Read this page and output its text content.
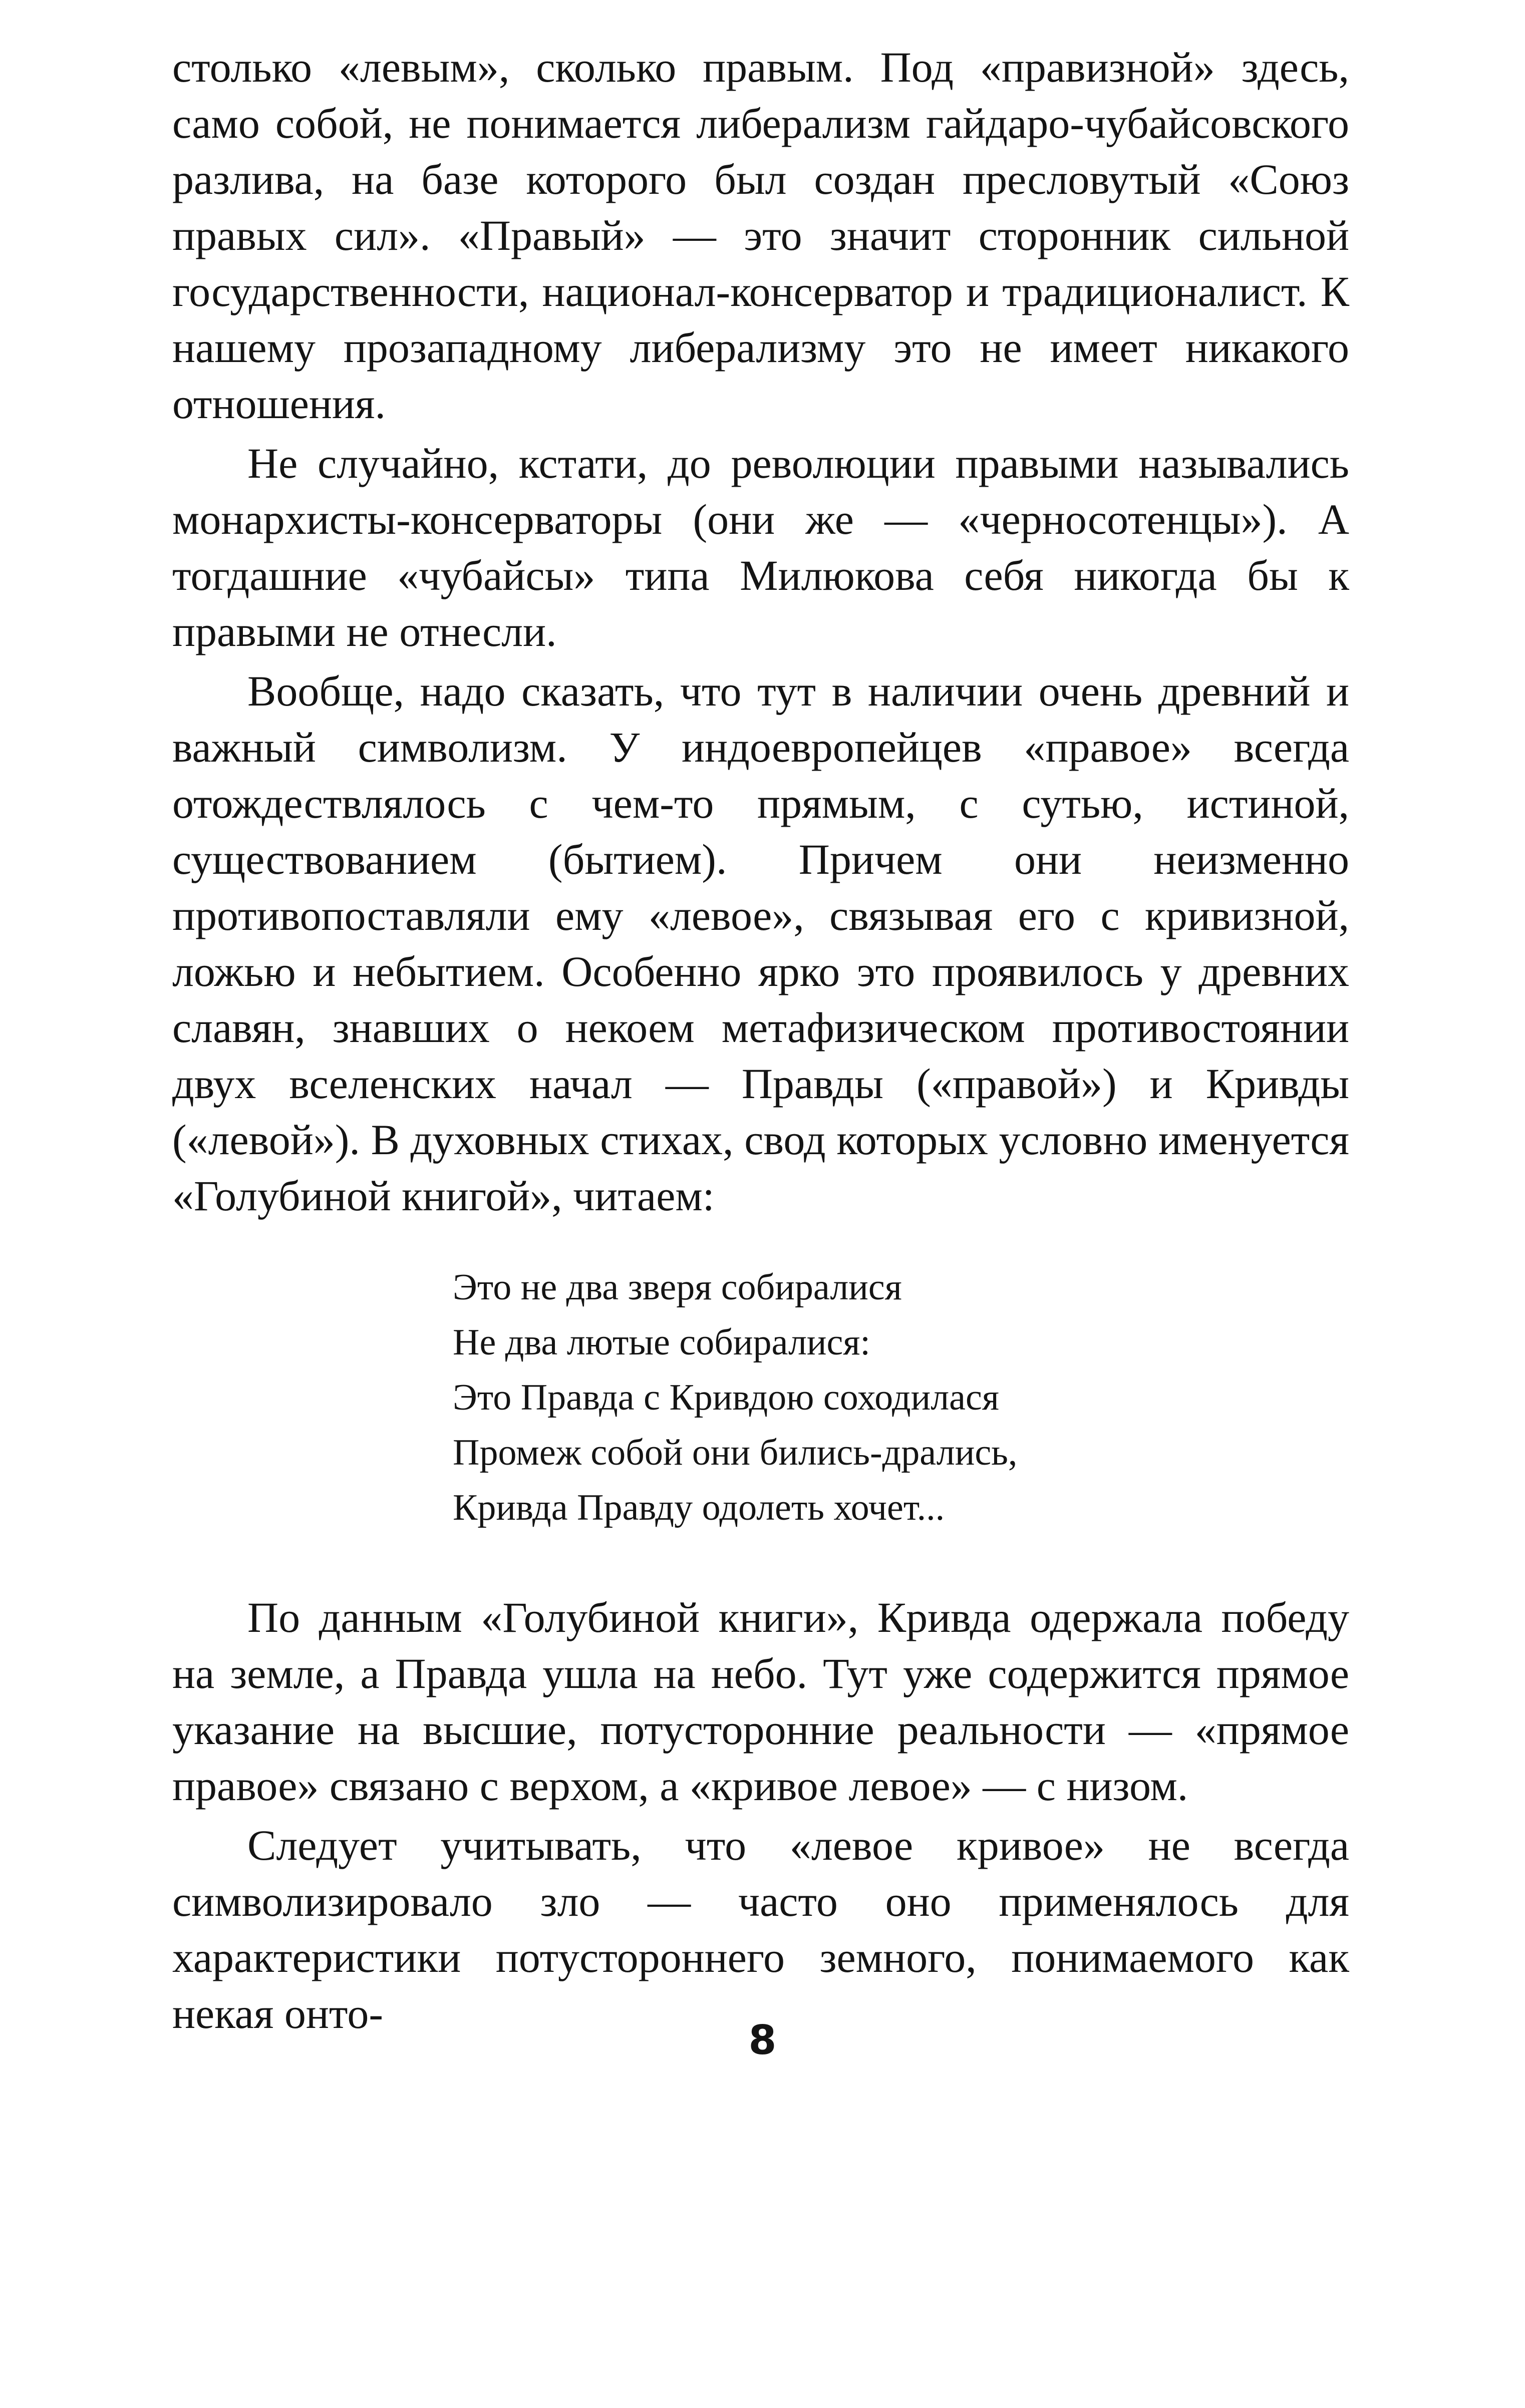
столько «левым», сколько правым. Под «правизной» здесь, само собой, не понимается либерализм гайдаро-чубайсовского разлива, на базе которого был создан пресловутый «Союз правых сил». «Правый» — это значит сторонник сильной государственности, национал-консерватор и традиционалист. К нашему прозападному либерализму это не имеет никакого отношения.

Не случайно, кстати, до революции правыми назывались монархисты-консерваторы (они же — «черносотенцы»). А тогдашние «чубайсы» типа Милюкова себя никогда бы к правыми не отнесли.

Вообще, надо сказать, что тут в наличии очень древний и важный символизм. У индоевропейцев «правое» всегда отождествлялось с чем-то прямым, с сутью, истиной, существованием (бытием). Причем они неизменно противопоставляли ему «левое», связывая его с кривизной, ложью и небытием. Особенно ярко это проявилось у древних славян, знавших о некоем метафизическом противостоянии двух вселенских начал — Правды («правой») и Кривды («левой»). В духовных стихах, свод которых условно именуется «Голубиной книгой», читаем:

Это не два зверя собиралися
Не два лютые собиралися:
Это Правда с Кривдою соходилася
Промеж собой они бились-дрались,
Кривда Правду одолеть хочет...

По данным «Голубиной книги», Кривда одержала победу на земле, а Правда ушла на небо. Тут уже содержится прямое указание на высшие, потусторонние реальности — «прямое правое» связано с верхом, а «кривое левое» — с низом.

Следует учитывать, что «левое кривое» не всегда символизировало зло — часто оно применялось для характеристики потустороннего земного, понимаемого как некая онто-

8
